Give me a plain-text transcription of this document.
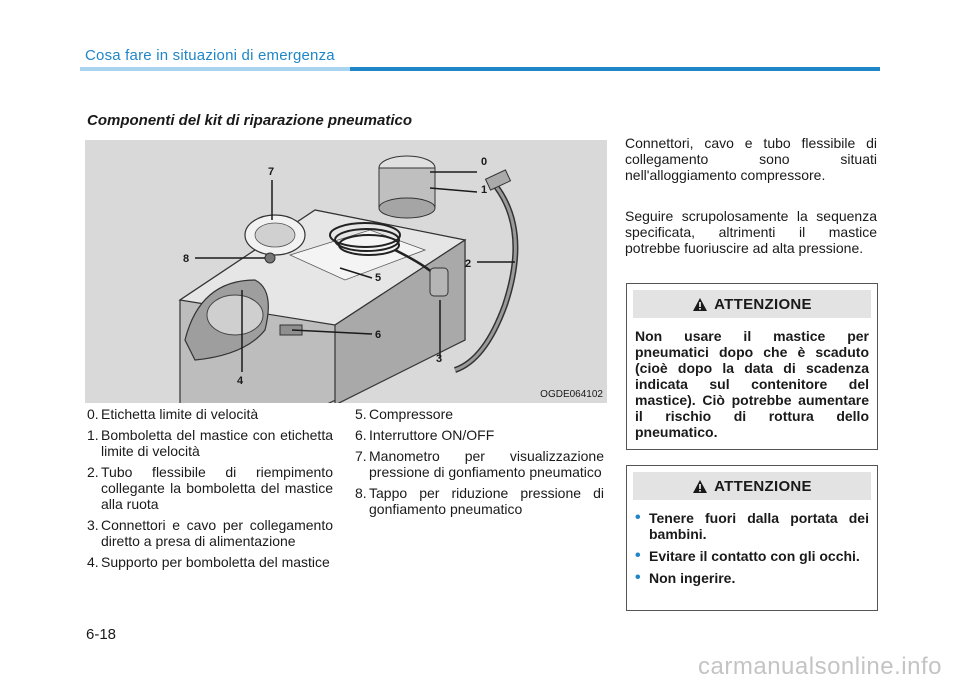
Cosa fare in situazioni di emergenza
Componenti del kit di riparazione pneumatico
0
1
2
3
4
5
6
7
8
OGDE064102
0. Etichetta limite di velocità
1. Bomboletta del mastice con etichetta limite di velocità
2. Tubo flessibile di riempimento collegante la bomboletta del mastice alla ruota
3. Connettori e cavo per collegamento diretto a presa di alimentazione
4. Supporto per bomboletta del mastice
5. Compressore
6. Interruttore ON/OFF
7. Manometro per visualizzazione pressione di gonfiamento pneumatico
8. Tappo per riduzione pressione di gonfiamento pneumatico

Connettori, cavo e tubo flessibile di collegamento sono situati nell'alloggiamento compressore.

Seguire scrupolosamente la sequenza specificata, altrimenti il mastice potrebbe fuoriuscire ad alta pressione.

ATTENZIONE
Non usare il mastice per pneumatici dopo che è scaduto (cioè dopo la data di scadenza indicata sul contenitore del mastice). Ciò potrebbe aumentare il rischio di rottura dello pneumatico.
ATTENZIONE
• Tenere fuori dalla portata dei bambini.
• Evitare il contatto con gli occhi.
• Non ingerire.
6-18
carmanualsonline.info
